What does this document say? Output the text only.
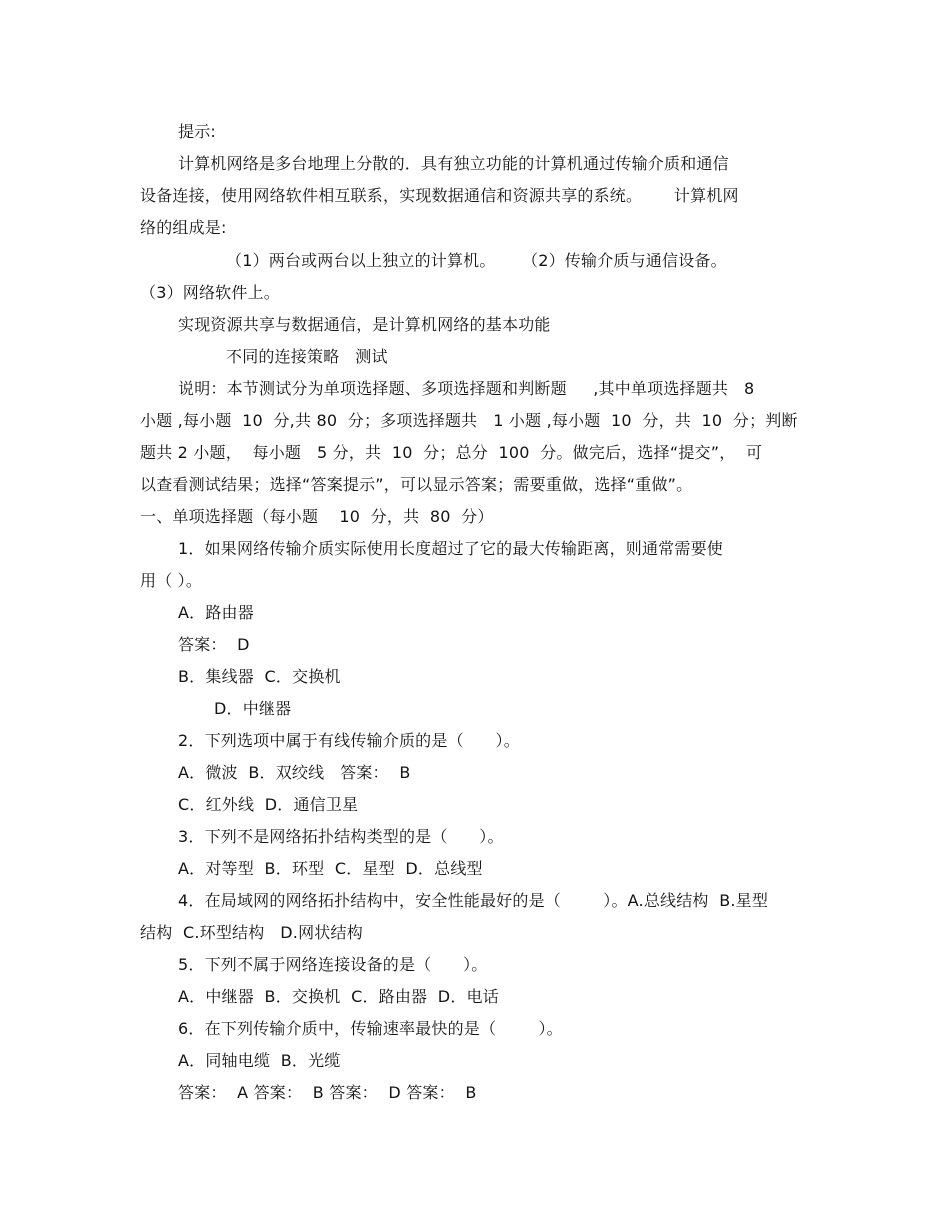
提示:
计算机网络是多台地理上分散的．具有独立功能的计算机通过传输介质和通信
设备连接，使用网络软件相互联系，实现数据通信和资源共享的系统。      计算机网
络的组成是:
（1）两台或两台以上独立的计算机。     （2）传输介质与通信设备。
（3）网络软件上。
实现资源共享与数据通信，是计算机网络的基本功能
不同的连接策略   测试
说明：本节测试分为单项选择题、多项选择题和判断题     ,其中单项选择题共   8
小题 ,每小题  10  分,共 80  分；多项选择题共   1 小题 ,每小题  10  分，共  10  分；判断
题共 2 小题，  每小题   5 分，共  10  分；总分  100  分。做完后，选择“提交”，  可
以查看测试结果；选择“答案提示”，可以显示答案；需要重做，选择“重做”。
一、单项选择题（每小题    10  分，共  80  分）
1．如果网络传输介质实际使用长度超过了它的最大传输距离，则通常需要使
用（ ）。
A．路由器
答案：  D
B．集线器  C．交换机
D．中继器
2．下列选项中属于有线传输介质的是（      ）。
A．微波  B．双绞线   答案：  B
C．红外线  D．通信卫星
3．下列不是网络拓扑结构类型的是（      ）。
A．对等型  B．环型  C．星型  D．总线型
4．在局域网的网络拓扑结构中，安全性能最好的是（        ）。A.总线结构  B.星型
结构  C.环型结构   D.网状结构
5．下列不属于网络连接设备的是（      ）。
A．中继器  B．交换机  C．路由器  D．电话
6．在下列传输介质中，传输速率最快的是（        ）。
A．同轴电缆  B．光缆
答案：  A 答案：  B 答案：  D 答案：  B
